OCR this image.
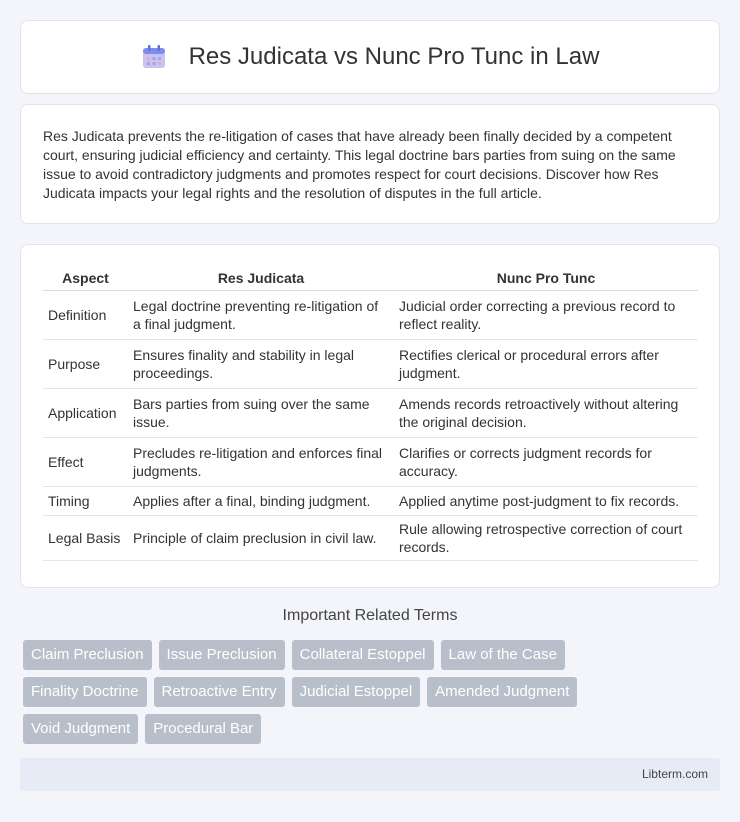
Res Judicata vs Nunc Pro Tunc in Law

Res Judicata prevents the re-litigation of cases that have already been finally decided by a competent court, ensuring judicial efficiency and certainty. This legal doctrine bars parties from suing on the same issue to avoid contradictory judgments and promotes respect for court decisions. Discover how Res Judicata impacts your legal rights and the resolution of disputes in the full article.

Aspect	Res Judicata	Nunc Pro Tunc
Definition	Legal doctrine preventing re-litigation of a final judgment.	Judicial order correcting a previous record to reflect reality.
Purpose	Ensures finality and stability in legal proceedings.	Rectifies clerical or procedural errors after judgment.
Application	Bars parties from suing over the same issue.	Amends records retroactively without altering the original decision.
Effect	Precludes re-litigation and enforces final judgments.	Clarifies or corrects judgment records for accuracy.
Timing	Applies after a final, binding judgment.	Applied anytime post-judgment to fix records.
Legal Basis	Principle of claim preclusion in civil law.	Rule allowing retrospective correction of court records.
Important Related Terms
Claim Preclusion	Issue Preclusion	Collateral Estoppel	Law of the Case
Finality Doctrine	Retroactive Entry	Judicial Estoppel	Amended Judgment
Void Judgment	Procedural Bar
Libterm.com
